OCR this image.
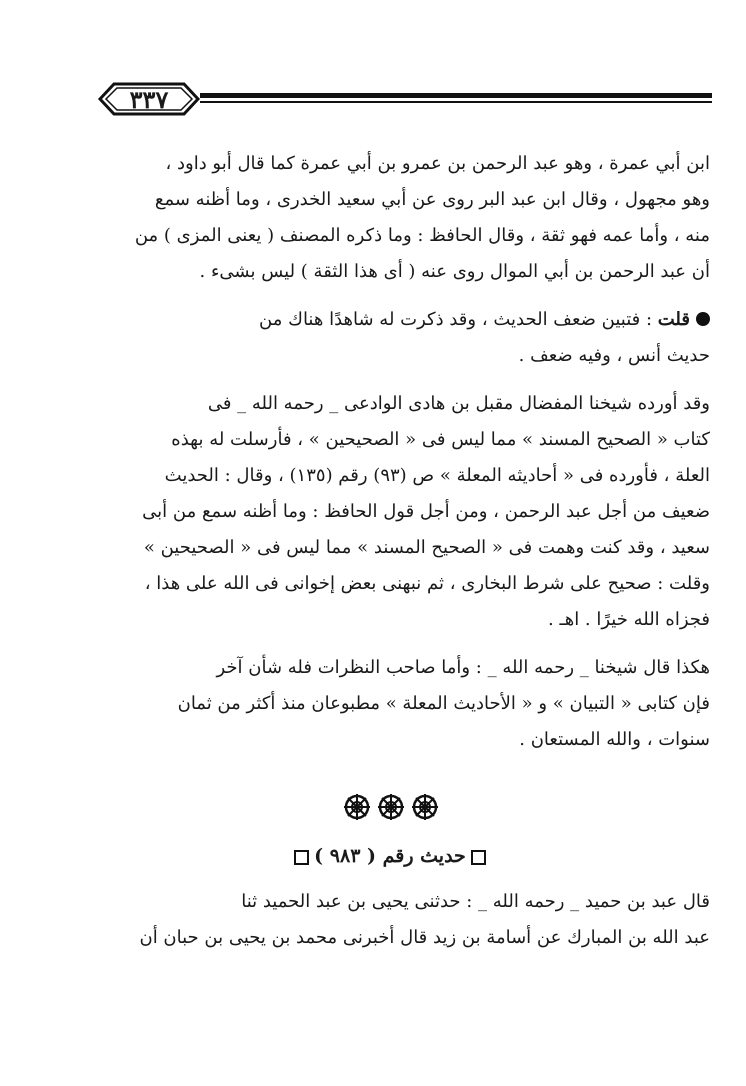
٣٣٧

ابن أبي عمرة ، وهو عبد الرحمن بن عمرو بن أبي عمرة كما قال أبو داود ،

وهو مجهول ، وقال ابن عبد البر روى عن أبي سعيد الخدرى ، وما أظنه سمع

منه ، وأما عمه فهو ثقة ، وقال الحافظ : وما ذكره المصنف ( يعنى المزى ) من

أن عبد الرحمن بن أبي الموال روى عنه ( أى هذا الثقة ) ليس بشىء .

قلت : فتبين ضعف الحديث ، وقد ذكرت له شاهدًا هناك من

حديث أنس ، وفيه ضعف .

وقد أورده شيخنا المفضال مقبل بن هادى الوادعى _ رحمه الله _ فى

كتاب « الصحيح المسند » مما ليس فى « الصحيحين » ، فأرسلت له بهذه

العلة ، فأورده فى « أحاديثه المعلة » ص (٩٣) رقم (١٣٥) ، وقال : الحديث

ضعيف من أجل عبد الرحمن ، ومن أجل قول الحافظ : وما أظنه سمع من أبى

سعيد ، وقد كنت وهمت فى « الصحيح المسند » مما ليس فى « الصحيحين »

وقلت : صحيح على شرط البخارى ، ثم نبهنى بعض إخوانى فى الله على هذا ،

فجزاه الله خيرًا . اهـ .

هكذا قال شيخنا _ رحمه الله _ : وأما صاحب النظرات فله شأن آخر

فإن كتابى « التبيان » و « الأحاديث المعلة » مطبوعان منذ أكثر من ثمان

سنوات ، والله المستعان .

حديث رقم ( ٩٨٣ )

قال عبد بن حميد _ رحمه الله _ : حدثنى يحيى بن عبد الحميد ثنا

عبد الله بن المبارك عن أسامة بن زيد قال أخبرنى محمد بن يحيى بن حبان أن
